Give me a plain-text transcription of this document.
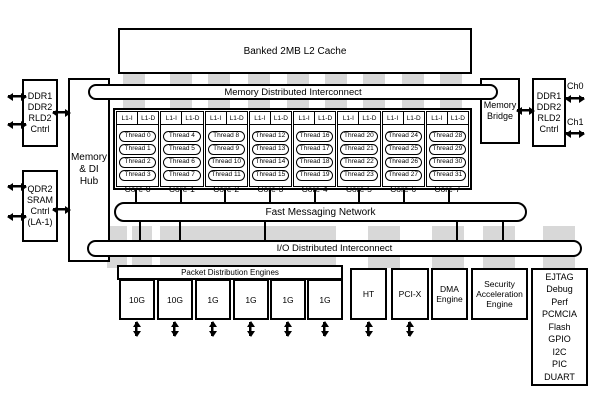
Banked 2MB L2 Cache
Memory Distributed Interconnect
L1-I	L1-D
Thread 0
Thread 1
Thread 2
Thread 3
Core-0
L1-I	L1-D
Thread 4
Thread 5
Thread 6
Thread 7
Core-1
L1-I	L1-D
Thread 8
Thread 9
Thread 10
Thread 11
Core-2
L1-I	L1-D
Thread 12
Thread 13
Thread 14
Thread 15
Core-3
L1-I	L1-D
Thread 16
Thread 17
Thread 18
Thread 19
Core-4
L1-I	L1-D
Thread 20
Thread 21
Thread 22
Thread 23
Core-5
L1-I	L1-D
Thread 24
Thread 25
Thread 26
Thread 27
Core-6
L1-I	L1-D
Thread 28
Thread 29
Thread 30
Thread 31
Core-7
Fast Messaging Network
I/O Distributed Interconnect
Memory
& DI
Hub
DDR1
DDR2
RLD2
Cntrl
QDR2
SRAM
Cntrl
(LA-1)
Memory
Bridge
DDR1
DDR2
RLD2
Cntrl
Ch0
Ch1
Packet Distribution Engines
10G	10G	1G	1G	1G	1G
HT	PCI-X DMA
Engine
Security
Acceleration
Engine
EJTAG
Debug
Perf
PCMCIA
Flash
GPIO
I2C
PIC
DUART
